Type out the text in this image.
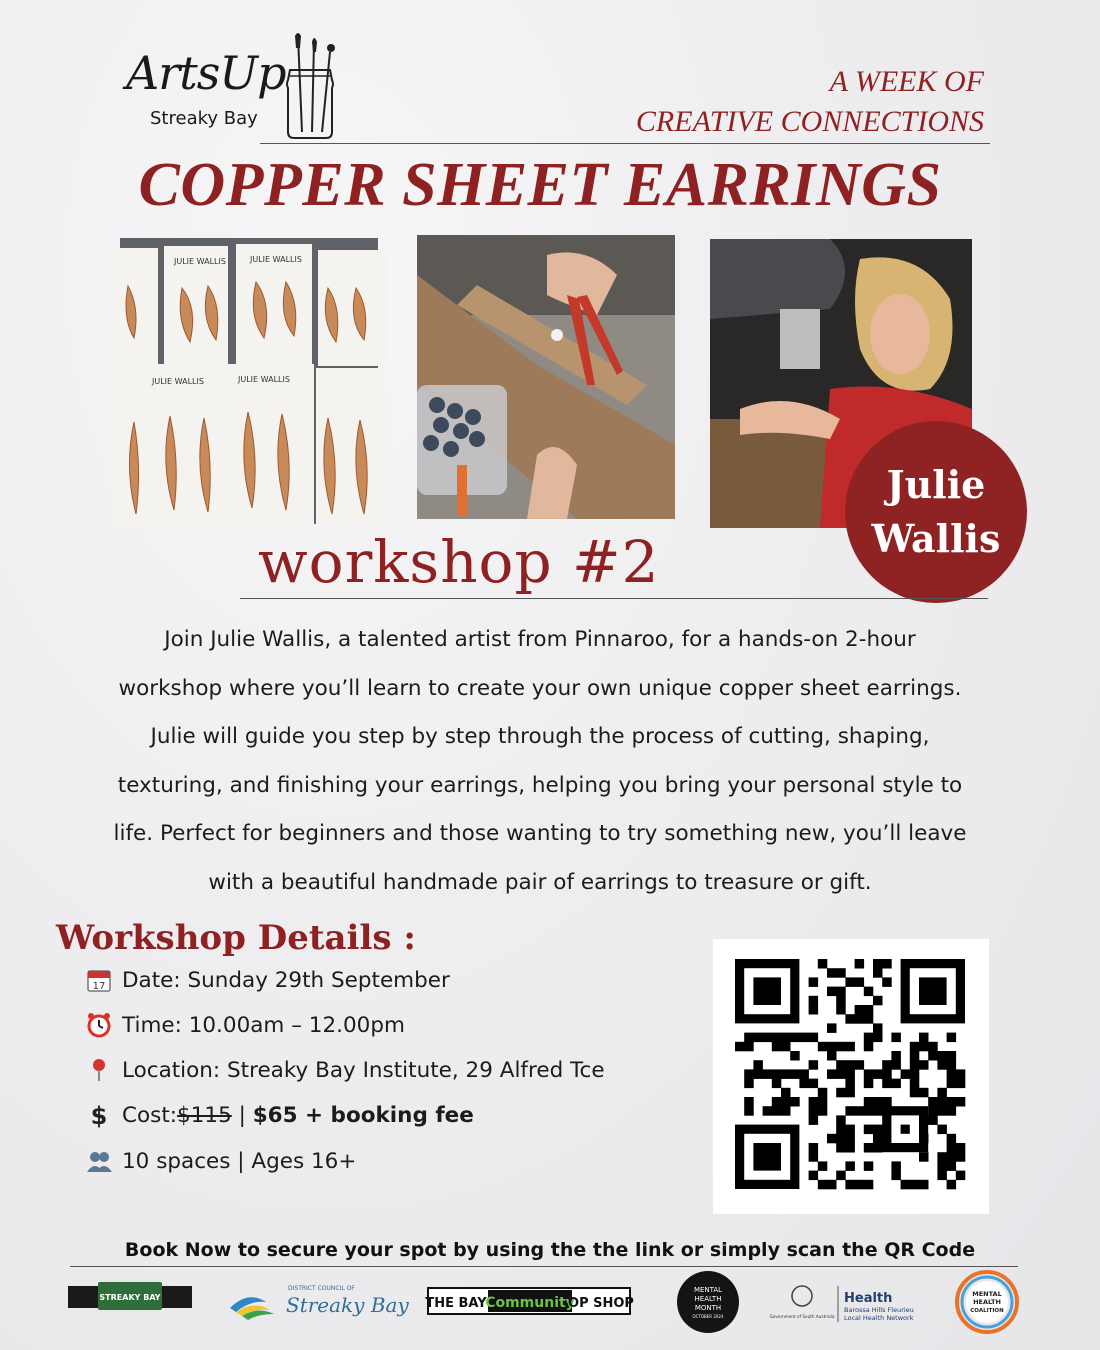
ArtsUp
Streaky Bay
A WEEK OF
CREATIVE CONNECTIONS
COPPER SHEET EARRINGS
JULIE WALLIS	JULIE WALLIS
JULIE WALLIS	JULIE WALLIS
Julie
Wallis
workshop #2
Join Julie Wallis, a talented artist from Pinnaroo, for a hands-on 2-hour
workshop where you’ll learn to create your own unique copper sheet earrings.
Julie will guide you step by step through the process of cutting, shaping,
texturing, and finishing your earrings, helping you bring your personal style to
life. Perfect for beginners and those wanting to try something new, you’ll leave
with a beautiful handmade pair of earrings to treasure or gift.
Workshop Details :
17 Date: Sunday 29th September
Time: 10.00am – 12.00pm
Location: Streaky Bay Institute, 29 Alfred Tce
$ Cost: $115 | $65 + booking fee
10 spaces | Ages 16+
Book Now to secure your spot by using the the link or simply scan the QR Code
STREAKY BAY
DISTRICT COUNCIL OF
Streaky Bay THE BAY
Community
OP SHOP
MENTAL
HEALTH
MONTH
OCTOBER 2024	Government of South Australia
Health
Barossa Hills Fleurieu
Local Health Network
MENTAL
HEALTH
COALITION
